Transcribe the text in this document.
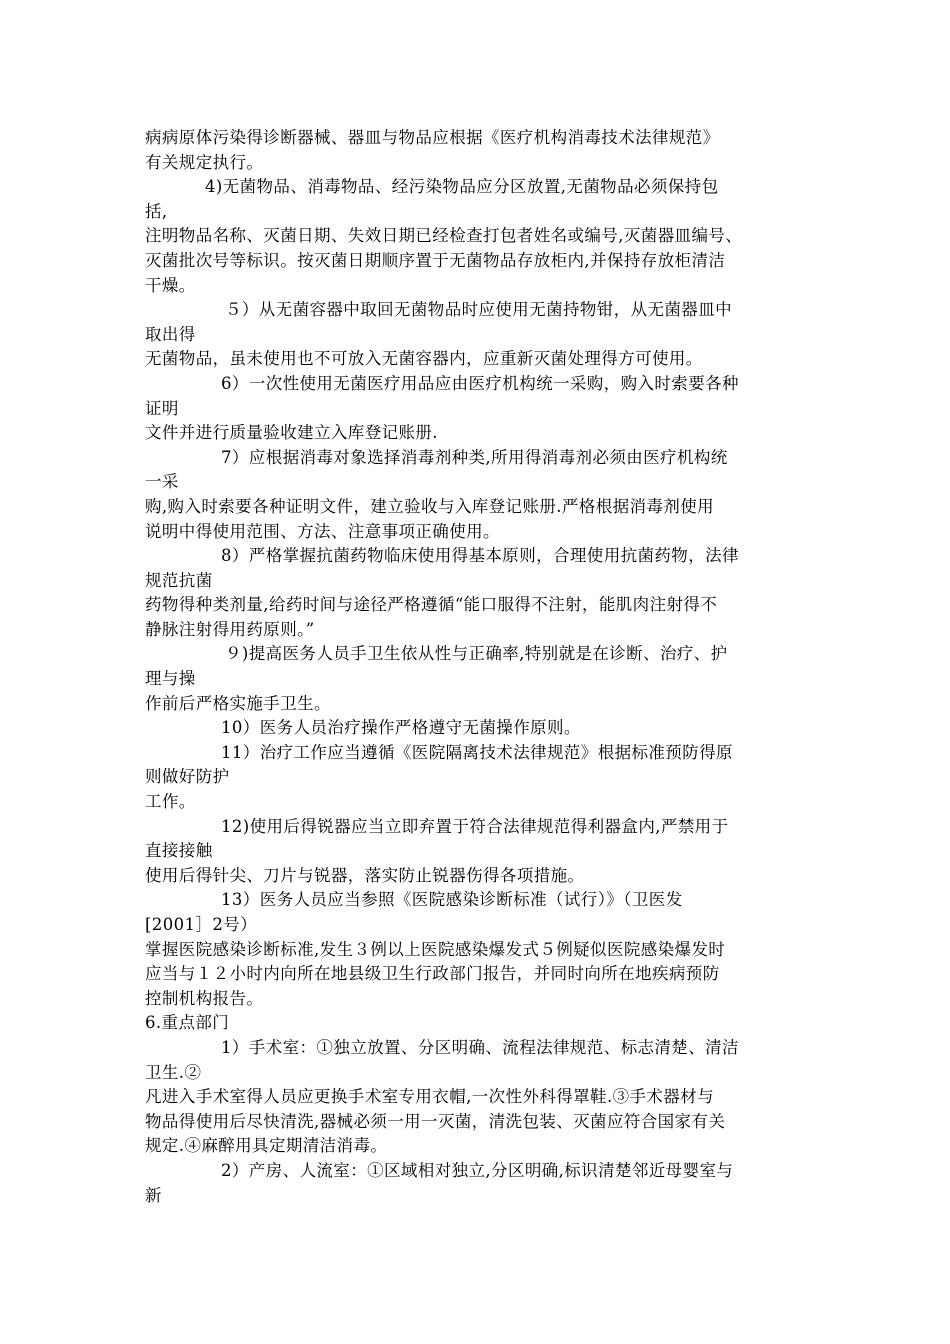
病病原体污染得诊断器械、器皿与物品应根据《医疗机构消毒技术法律规范》
有关规定执行。
4)无菌物品、消毒物品、经污染物品应分区放置,无菌物品必须保持包
括,
注明物品名称、灭菌日期、失效日期已经检查打包者姓名或编号,灭菌器皿编号、
灭菌批次号等标识。按灭菌日期顺序置于无菌物品存放柜内,并保持存放柜清洁
干燥。
５）从无菌容器中取回无菌物品时应使用无菌持物钳，从无菌器皿中
取出得
无菌物品，虽未使用也不可放入无菌容器内，应重新灭菌处理得方可使用。
6）一次性使用无菌医疗用品应由医疗机构统一采购，购入时索要各种
证明
文件并进行质量验收建立入库登记账册.
7）应根据消毒对象选择消毒剂种类,所用得消毒剂必须由医疗机构统
一采
购,购入时索要各种证明文件，建立验收与入库登记账册.严格根据消毒剂使用
说明中得使用范围、方法、注意事项正确使用。
8）严格掌握抗菌药物临床使用得基本原则，合理使用抗菌药物，法律
规范抗菌
药物得种类剂量,给药时间与途径严格遵循“能口服得不注射，能肌肉注射得不
静脉注射得用药原则。”
９)提高医务人员手卫生依从性与正确率,特别就是在诊断、治疗、护
理与操
作前后严格实施手卫生。
10）医务人员治疗操作严格遵守无菌操作原则。
11）治疗工作应当遵循《医院隔离技术法律规范》根据标准预防得原
则做好防护
工作。
12)使用后得锐器应当立即弃置于符合法律规范得利器盒内,严禁用于
直接接触
使用后得针尖、刀片与锐器，落实防止锐器伤得各项措施。
13）医务人员应当参照《医院感染诊断标准（试行）》（卫医发
[2001］2号）
掌握医院感染诊断标准,发生３例以上医院感染爆发式５例疑似医院感染爆发时
应当与１２小时内向所在地县级卫生行政部门报告，并同时向所在地疾病预防
控制机构报告。
6.重点部门
1）手术室：①独立放置、分区明确、流程法律规范、标志清楚、清洁
卫生.②
凡进入手术室得人员应更换手术室专用衣帽,一次性外科得罩鞋.③手术器材与
物品得使用后尽快清洗,器械必须一用一灭菌，清洗包装、灭菌应符合国家有关
规定.④麻醉用具定期清洁消毒。
2）产房、人流室：①区域相对独立,分区明确,标识清楚邻近母婴室与
新
